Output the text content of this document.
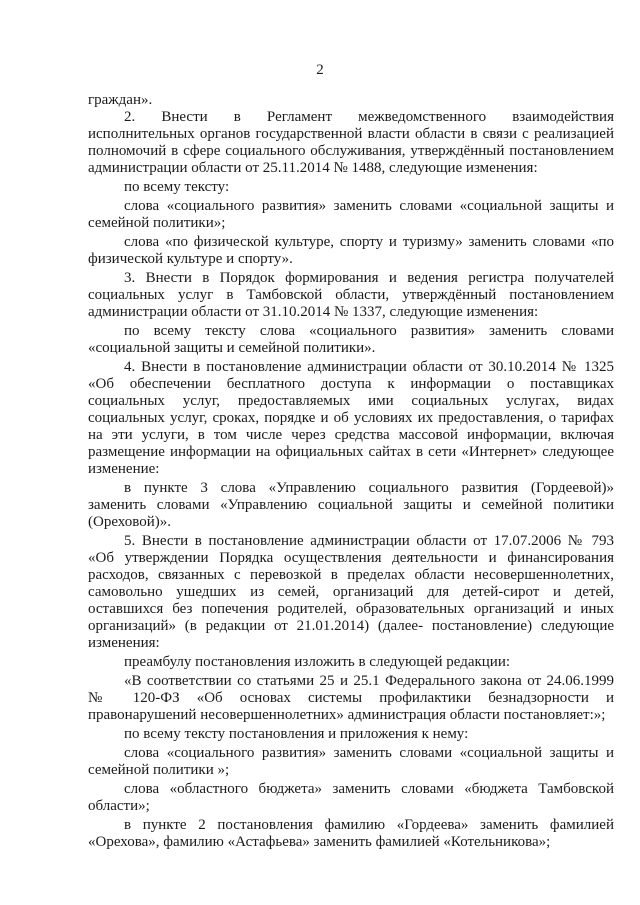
2
граждан».
2. Внести в Регламент межведомственного взаимодействия
исполнительных органов государственной власти области в связи с реализацией
полномочий в сфере социального обслуживания, утверждённый постановлением
администрации области от 25.11.2014 № 1488, следующие изменения:
по всему тексту:
слова «социального развития» заменить словами «социальной защиты и
семейной политики»;
слова «по физической культуре, спорту и туризму» заменить словами «по
физической культуре и спорту».
3. Внести в Порядок формирования и ведения регистра получателей
социальных услуг в Тамбовской области, утверждённый постановлением
администрации области от 31.10.2014 № 1337, следующие изменения:
по всему тексту слова «социального развития» заменить словами
«социальной защиты и семейной политики».
4. Внести в постановление администрации области от 30.10.2014 № 1325
«Об обеспечении бесплатного доступа к информации о поставщиках
социальных услуг, предоставляемых ими социальных услугах, видах
социальных услуг, сроках, порядке и об условиях их предоставления, о тарифах
на эти услуги, в том числе через средства массовой информации, включая
размещение информации на официальных сайтах в сети «Интернет» следующее
изменение:
в пункте 3 слова «Управлению социального развития (Гордеевой)»
заменить словами «Управлению социальной защиты и семейной политики
(Ореховой)».
5. Внести в постановление администрации области от 17.07.2006 № 793
«Об утверждении Порядка осуществления деятельности и финансирования
расходов, связанных с перевозкой в пределах области несовершеннолетних,
самовольно ушедших из семей, организаций для детей-сирот и детей,
оставшихся без попечения родителей, образовательных организаций и иных
организаций» (в редакции от 21.01.2014) (далее- постановление) следующие
изменения:
преамбулу постановления изложить в следующей редакции:
«В соответствии со статьями 25 и 25.1 Федерального закона от 24.06.1999
№ 120-ФЗ «Об основах системы профилактики безнадзорности и
правонарушений несовершеннолетних» администрация области постановляет:»;
по всему тексту постановления и приложения к нему:
слова «социального развития» заменить словами «социальной защиты и
семейной политики »;
слова «областного бюджета» заменить словами «бюджета Тамбовской
области»;
в пункте 2 постановления фамилию «Гордеева» заменить фамилией
«Орехова», фамилию «Астафьева» заменить фамилией «Котельникова»;
